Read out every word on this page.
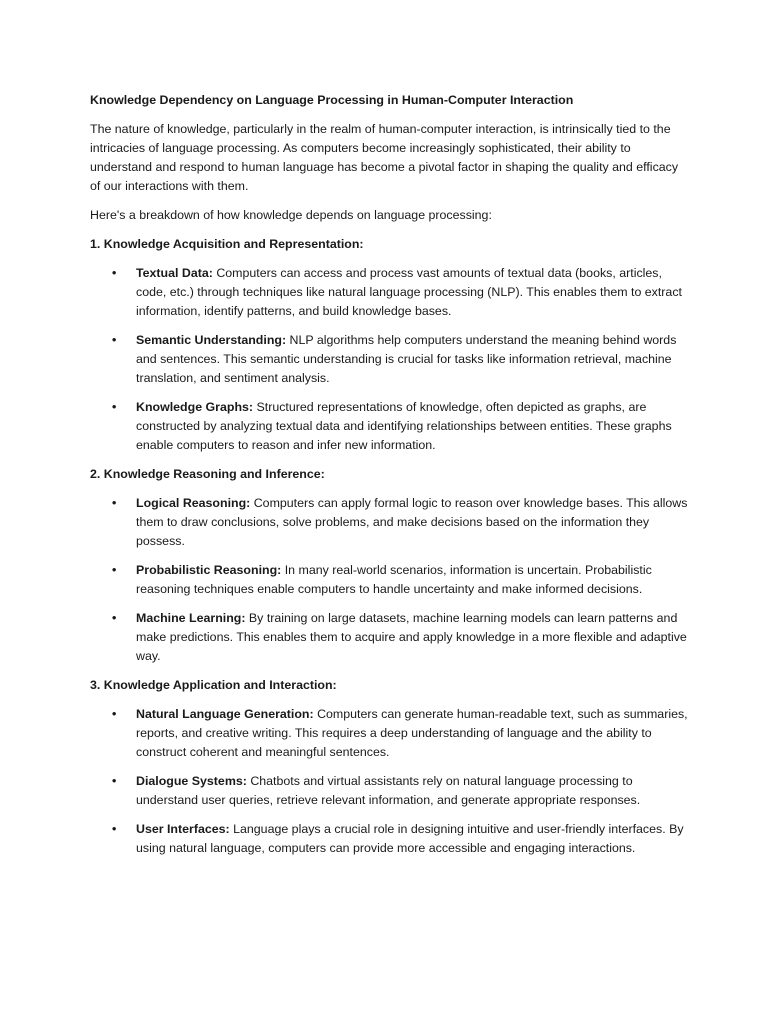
Knowledge Dependency on Language Processing in Human-Computer Interaction

The nature of knowledge, particularly in the realm of human-computer interaction, is intrinsically tied to the intricacies of language processing. As computers become increasingly sophisticated, their ability to understand and respond to human language has become a pivotal factor in shaping the quality and efficacy of our interactions with them.

Here's a breakdown of how knowledge depends on language processing:

1. Knowledge Acquisition and Representation:
• Textual Data: Computers can access and process vast amounts of textual data (books, articles, code, etc.) through techniques like natural language processing (NLP). This enables them to extract information, identify patterns, and build knowledge bases.
• Semantic Understanding: NLP algorithms help computers understand the meaning behind words and sentences. This semantic understanding is crucial for tasks like information retrieval, machine translation, and sentiment analysis.
• Knowledge Graphs: Structured representations of knowledge, often depicted as graphs, are constructed by analyzing textual data and identifying relationships between entities. These graphs enable computers to reason and infer new information.
2. Knowledge Reasoning and Inference:
• Logical Reasoning: Computers can apply formal logic to reason over knowledge bases. This allows them to draw conclusions, solve problems, and make decisions based on the information they possess.
• Probabilistic Reasoning: In many real-world scenarios, information is uncertain. Probabilistic reasoning techniques enable computers to handle uncertainty and make informed decisions.
• Machine Learning: By training on large datasets, machine learning models can learn patterns and make predictions. This enables them to acquire and apply knowledge in a more flexible and adaptive way.
3. Knowledge Application and Interaction:
• Natural Language Generation: Computers can generate human-readable text, such as summaries, reports, and creative writing. This requires a deep understanding of language and the ability to construct coherent and meaningful sentences.
• Dialogue Systems: Chatbots and virtual assistants rely on natural language processing to understand user queries, retrieve relevant information, and generate appropriate responses.
• User Interfaces: Language plays a crucial role in designing intuitive and user-friendly interfaces. By using natural language, computers can provide more accessible and engaging interactions.
